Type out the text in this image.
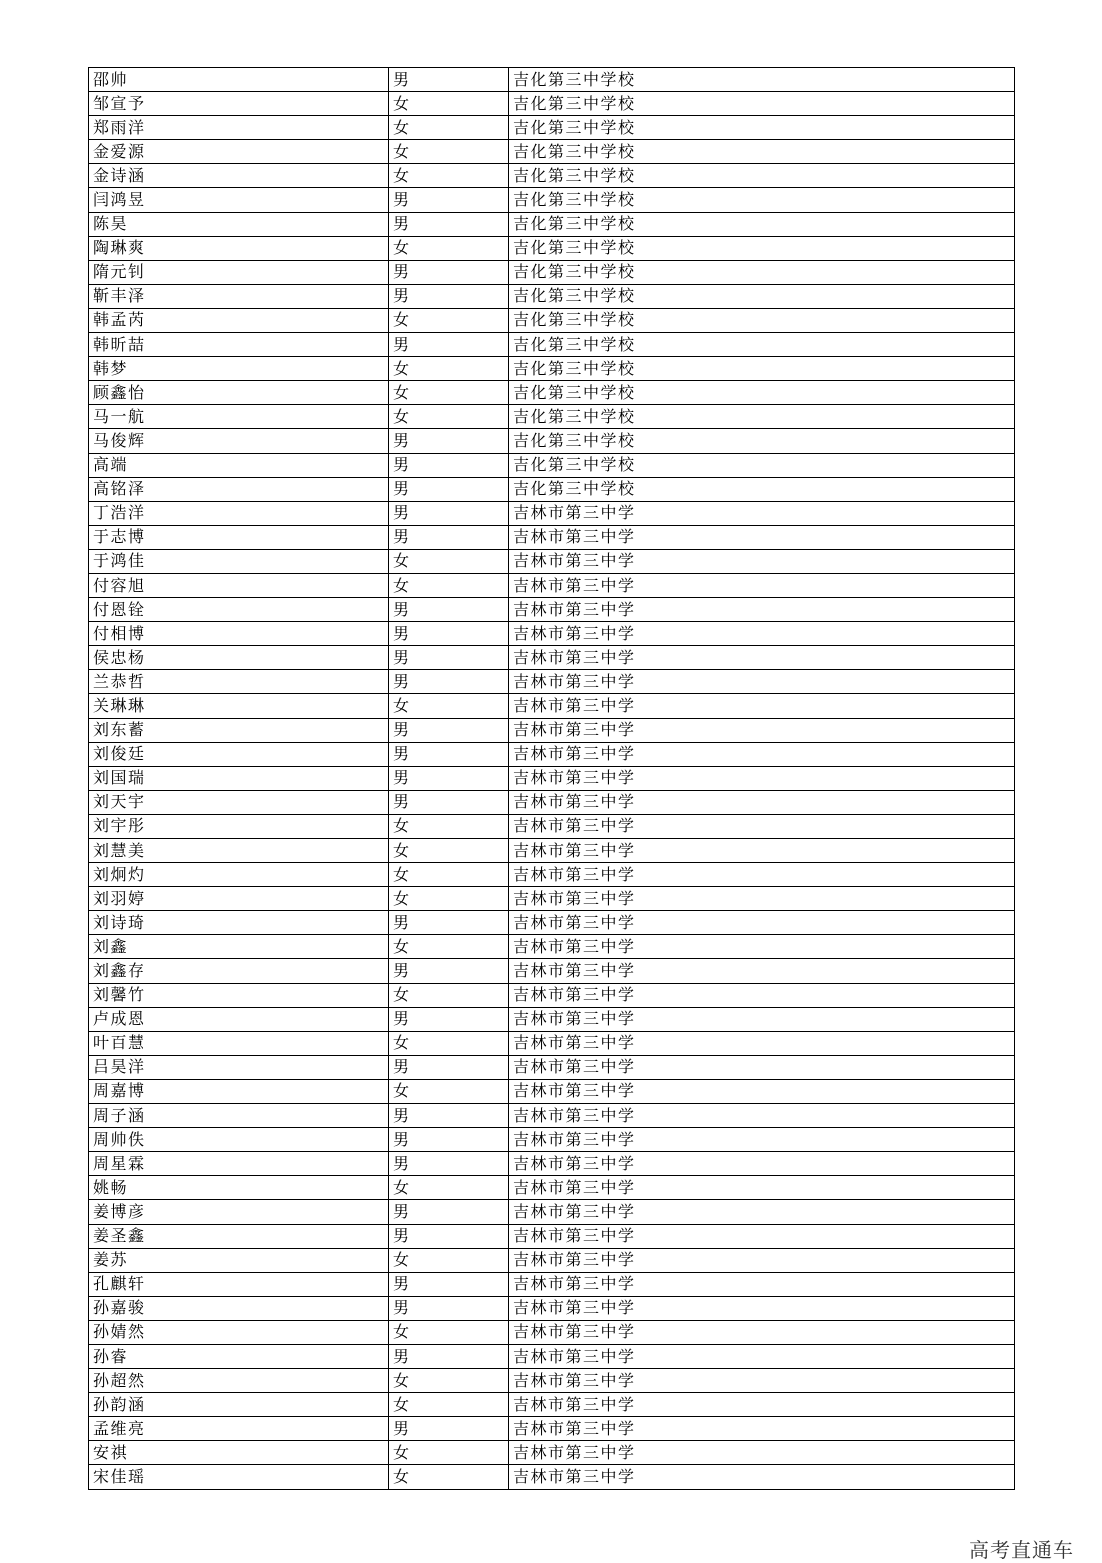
邵帅	男	吉化第三中学校
邹宣予	女	吉化第三中学校
郑雨洋	女	吉化第三中学校
金爱源	女	吉化第三中学校
金诗涵	女	吉化第三中学校
闫鸿昱	男	吉化第三中学校
陈昊	男	吉化第三中学校
陶琳爽	女	吉化第三中学校
隋元钊	男	吉化第三中学校
靳丰泽	男	吉化第三中学校
韩孟芮	女	吉化第三中学校
韩昕喆	男	吉化第三中学校
韩梦	女	吉化第三中学校
顾鑫怡	女	吉化第三中学校
马一航	女	吉化第三中学校
马俊辉	男	吉化第三中学校
高端	男	吉化第三中学校
高铭泽	男	吉化第三中学校
丁浩洋	男	吉林市第三中学
于志博	男	吉林市第三中学
于鸿佳	女	吉林市第三中学
付容旭	女	吉林市第三中学
付恩铨	男	吉林市第三中学
付相博	男	吉林市第三中学
侯忠杨	男	吉林市第三中学
兰恭哲	男	吉林市第三中学
关琳琳	女	吉林市第三中学
刘东蓄	男	吉林市第三中学
刘俊廷	男	吉林市第三中学
刘国瑞	男	吉林市第三中学
刘天宇	男	吉林市第三中学
刘宇彤	女	吉林市第三中学
刘慧美	女	吉林市第三中学
刘炯灼	女	吉林市第三中学
刘羽婷	女	吉林市第三中学
刘诗琦	男	吉林市第三中学
刘鑫	女	吉林市第三中学
刘鑫存	男	吉林市第三中学
刘馨竹	女	吉林市第三中学
卢成恩	男	吉林市第三中学
叶百慧	女	吉林市第三中学
吕昊洋	男	吉林市第三中学
周嘉博	女	吉林市第三中学
周子涵	男	吉林市第三中学
周帅佚	男	吉林市第三中学
周星霖	男	吉林市第三中学
姚畅	女	吉林市第三中学
姜博彦	男	吉林市第三中学
姜圣鑫	男	吉林市第三中学
姜苏	女	吉林市第三中学
孔麒轩	男	吉林市第三中学
孙嘉骏	男	吉林市第三中学
孙婧然	女	吉林市第三中学
孙睿	男	吉林市第三中学
孙超然	女	吉林市第三中学
孙韵涵	女	吉林市第三中学
孟维亮	男	吉林市第三中学
安祺	女	吉林市第三中学
宋佳瑶	女	吉林市第三中学
高考直通车
